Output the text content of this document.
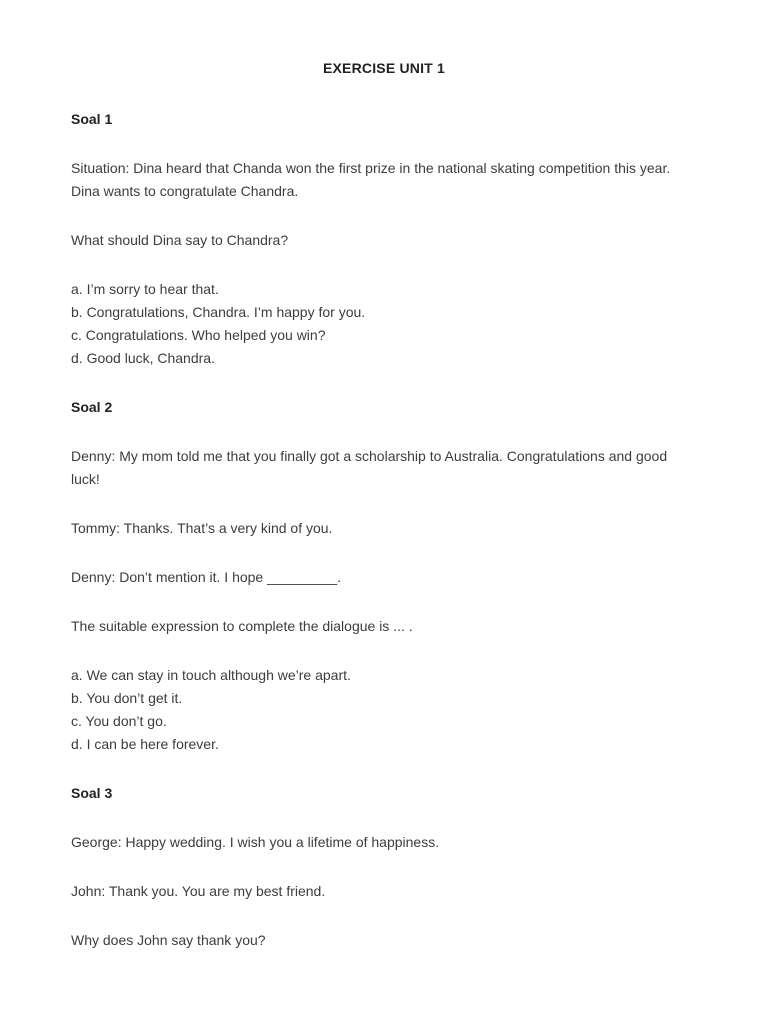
EXERCISE UNIT 1
Soal 1
Situation: Dina heard that Chanda won the first prize in the national skating competition this year. Dina wants to congratulate Chandra.
What should Dina say to Chandra?
a. I’m sorry to hear that.
b. Congratulations, Chandra. I’m happy for you.
c. Congratulations. Who helped you win?
d. Good luck, Chandra.
Soal 2
Denny: My mom told me that you finally got a scholarship to Australia. Congratulations and good luck!
Tommy: Thanks. That’s a very kind of you.
Denny: Don’t mention it. I hope _________.
The suitable expression to complete the dialogue is ... .
a. We can stay in touch although we’re apart.
b. You don’t get it.
c. You don’t go.
d. I can be here forever.
Soal 3
George: Happy wedding. I wish you a lifetime of happiness.
John: Thank you. You are my best friend.
Why does John say thank you?
